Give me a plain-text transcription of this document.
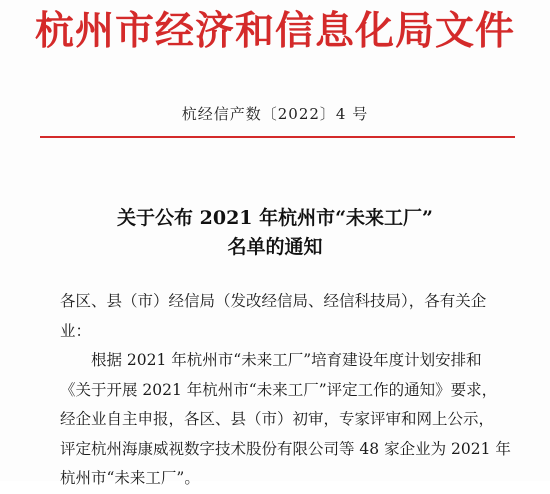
杭州市经济和信息化局文件
杭经信产数〔2022〕4 号
关于公布 2021 年杭州市“未来工厂”
名单的通知
各区、县（市）经信局（发改经信局、经信科技局），各有关企
业：
根据 2021 年杭州市“未来工厂”培育建设年度计划安排和
《关于开展 2021 年杭州市“未来工厂”评定工作的通知》要求，
经企业自主申报，各区、县（市）初审，专家评审和网上公示，
评定杭州海康威视数字技术股份有限公司等 48 家企业为 2021 年
杭州市“未来工厂”。
